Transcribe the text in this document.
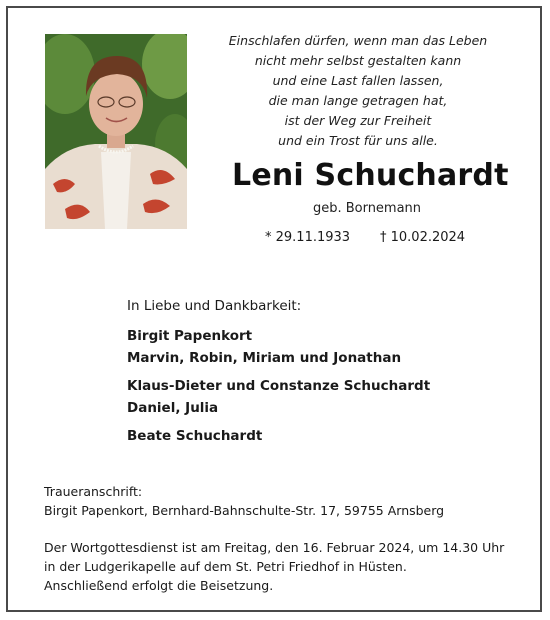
Einschlafen dürfen, wenn man das Leben
nicht mehr selbst gestalten kann
und eine Last fallen lassen,
die man lange getragen hat,
ist der Weg zur Freiheit
und ein Trost für uns alle.
Leni Schuchardt
geb. Bornemann
* 29.11.1933 † 10.02.2024
In Liebe und Dankbarkeit:
Birgit Papenkort
Marvin, Robin, Miriam und Jonathan
Klaus-Dieter und Constanze Schuchardt
Daniel, Julia
Beate Schuchardt
Traueranschrift:
Birgit Papenkort, Bernhard-Bahnschulte-Str. 17, 59755 Arnsberg
Der Wortgottesdienst ist am Freitag, den 16. Februar 2024, um 14.30 Uhr
in der Ludgerikapelle auf dem St. Petri Friedhof in Hüsten.
Anschließend erfolgt die Beisetzung.
